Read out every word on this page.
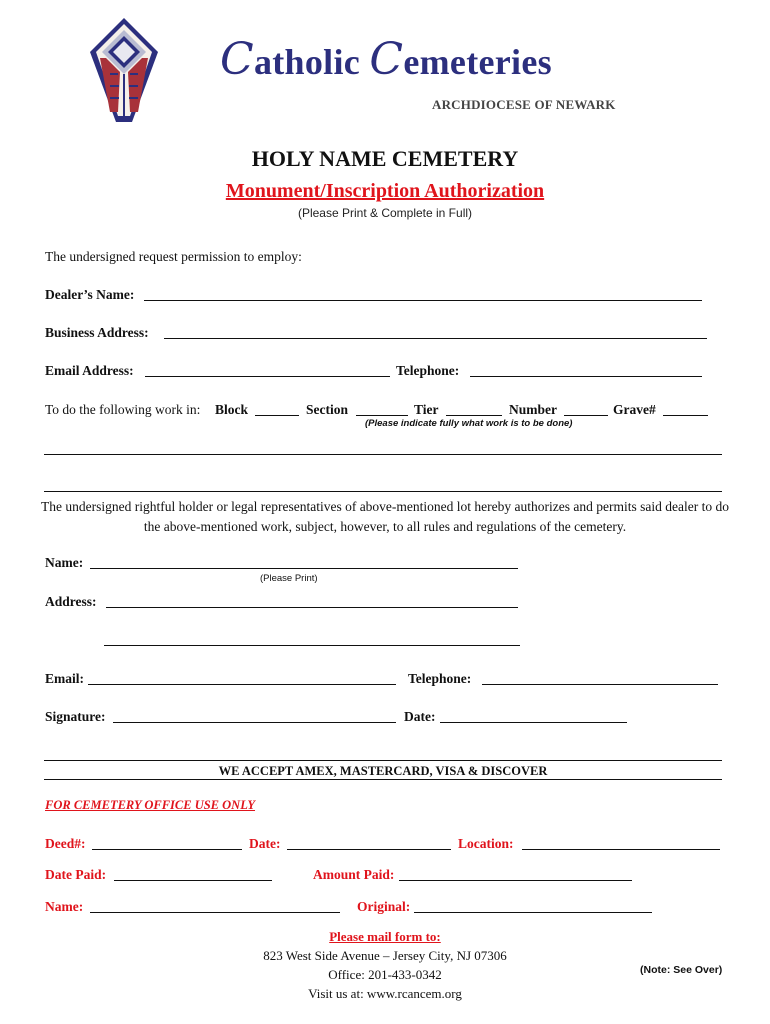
Catholic Cemeteries
ARCHDIOCESE OF NEWARK
HOLY NAME CEMETERY
Monument/Inscription Authorization
(Please Print & Complete in Full)
The undersigned request permission to employ:
Dealer’s Name:
Business Address:
Email Address:	Telephone:
To do the following work in: Block	Section	Tier	Number	Grave#
(Please indicate fully what work is to be done)
The undersigned rightful holder or legal representatives of above-mentioned lot hereby authorizes and permits said dealer to do the above-mentioned work, subject, however, to all rules and regulations of the cemetery.
Name:
(Please Print)
Address:
Email:	Telephone:
Signature:	Date:
WE ACCEPT AMEX, MASTERCARD, VISA & DISCOVER
FOR CEMETERY OFFICE USE ONLY
Deed#:	Date:	Location:
Date Paid:	Amount Paid:
Name:	Original:
Please mail form to:
823 West Side Avenue – Jersey City, NJ 07306
Office: 201-433-0342
Visit us at: www.rcancem.org
(Note: See Over)
